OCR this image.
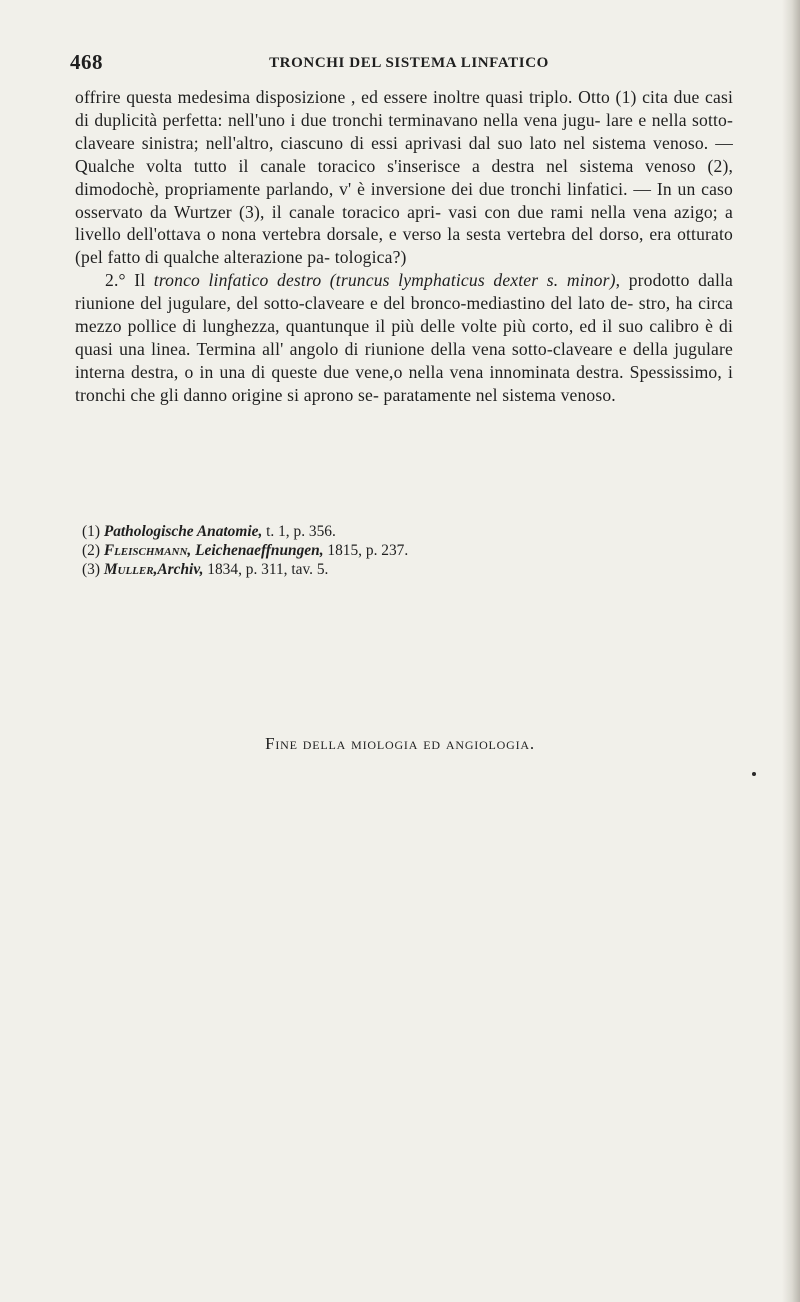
468	TRONCHI DEL SISTEMA LINFATICO

offrire questa medesima disposizione , ed essere inoltre quasi triplo. Otto (1) cita due casi di duplicità perfetta: nell'uno i due tronchi terminavano nella vena jugu- lare e nella sotto-claveare sinistra; nell'altro, ciascuno di essi aprivasi dal suo lato nel sistema venoso. — Qualche volta tutto il canale toracico s'inserisce a destra nel sistema venoso (2), dimodochè, propriamente parlando, v' è inversione dei due tronchi linfatici. — In un caso osservato da Wurtzer (3), il canale toracico apri- vasi con due rami nella vena azigo; a livello dell'ottava o nona vertebra dorsale, e verso la sesta vertebra del dorso, era otturato (pel fatto di qualche alterazione pa- tologica?)

2.° Il tronco linfatico destro (truncus lymphaticus dexter s. minor), prodotto dalla riunione del jugulare, del sotto-claveare e del bronco-mediastino del lato de- stro, ha circa mezzo pollice di lunghezza, quantunque il più delle volte più corto, ed il suo calibro è di quasi una linea. Termina all' angolo di riunione della vena sotto-claveare e della jugulare interna destra, o in una di queste due vene,o nella vena innominata destra. Spessissimo, i tronchi che gli danno origine si aprono se- paratamente nel sistema venoso.

(1) Pathologische Anatomie, t. 1, p. 356.
(2) Fleischmann, Leichenaeffnungen, 1815, p. 237.
(3) Muller,Archiv, 1834, p. 311, tav. 5.
Fine della miologia ed angiologia.
